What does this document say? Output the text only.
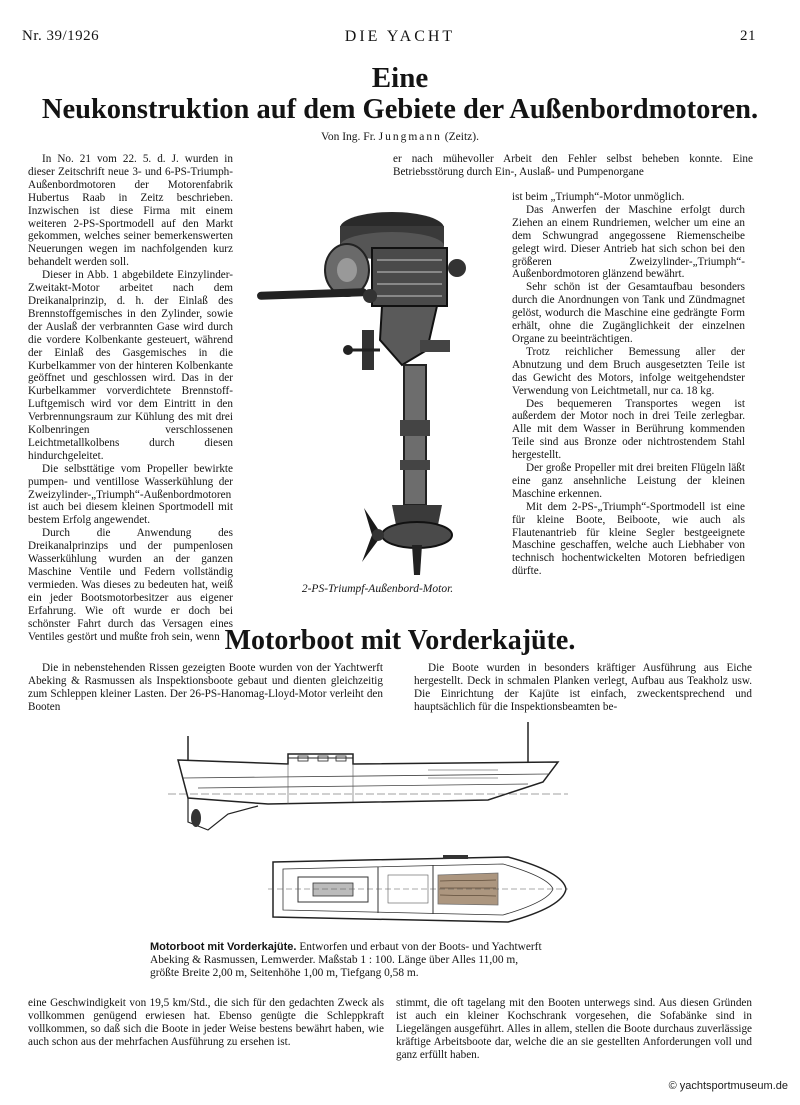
Nr. 39/1926	DIE YACHT	21
Eine
Neukonstruktion auf dem Gebiete der Außenbordmotoren.
Von Ing. Fr. Jungmann (Zeitz).

In No. 21 vom 22. 5. d. J. wurden in dieser Zeitschrift neue 3- und 6-PS-Triumph-Außenbordmotoren der Motorenfabrik Hubertus Raab in Zeitz beschrieben. Inzwischen ist diese Firma mit einem weiteren 2-PS-Sportmodell auf den Markt gekommen, welches seiner bemerkenswerten Neuerungen wegen im nachfolgenden kurz behandelt werden soll.

Dieser in Abb. 1 abgebildete Einzylinder-Zweitakt-Motor arbeitet nach dem Dreikanalprinzip, d. h. der Einlaß des Brennstoffgemisches in den Zylinder, sowie der Auslaß der verbrannten Gase wird durch die vordere Kolbenkante gesteuert, während der Einlaß des Gasgemisches in die Kurbelkammer von der hinteren Kolbenkante geöffnet und geschlossen wird. Das in der Kurbelkammer vorverdichtete Brennstoff-Luftgemisch wird vor dem Eintritt in den Verbrennungsraum zur Kühlung des mit drei Kolbenringen verschlossenen Leichtmetallkolbens durch diesen hindurchgeleitet.

Die selbsttätige vom Propeller bewirkte pumpen- und ventillose Wasserkühlung der Zweizylinder-„Triumph“-Außenbordmotoren ist auch bei diesem kleinen Sportmodell mit bestem Erfolg angewendet.

Durch die Anwendung des Dreikanalprinzips und der pumpenlosen Wasserkühlung wurden an der ganzen Maschine Ventile und Federn vollständig vermieden. Was dieses zu bedeuten hat, weiß ein jeder Bootsmotorbesitzer aus eigener Erfahrung. Wie oft wurde er doch bei schönster Fahrt durch das Versagen eines Ventiles gestört und mußte froh sein, wenn

er nach mühevoller Arbeit den Fehler selbst beheben konnte. Eine Betriebsstörung durch Ein-, Auslaß- und Pumpenorgane

ist beim „Triumph“-Motor unmöglich.

Das Anwerfen der Maschine erfolgt durch Ziehen an einem Rundriemen, welcher um eine an dem Schwungrad angegossene Riemenscheibe gelegt wird. Dieser Antrieb hat sich schon bei den größeren Zweizylinder-„Triumph“-Außenbordmotoren glänzend bewährt.

Sehr schön ist der Gesamtaufbau besonders durch die Anordnungen von Tank und Zündmagnet gelöst, wodurch die Maschine eine gedrängte Form erhält, ohne die Zugänglichkeit der einzelnen Organe zu beeinträchtigen.

Trotz reichlicher Bemessung aller der Abnutzung und dem Bruch ausgesetzten Teile ist das Gewicht des Motors, infolge weitgehendster Verwendung von Leichtmetall, nur ca. 18 kg.

Des bequemeren Transportes wegen ist außerdem der Motor noch in drei Teile zerlegbar. Alle mit dem Wasser in Berührung kommenden Teile sind aus Bronze oder nichtrostendem Stahl hergestellt.

Der große Propeller mit drei breiten Flügeln läßt eine ganz ansehnliche Leistung der kleinen Maschine erkennen.

Mit dem 2-PS-„Triumph“-Sportmodell ist eine für kleine Boote, Beiboote, wie auch als Flautenantrieb für kleine Segler bestgeeignete Maschine geschaffen, welche auch Liebhaber von technisch hochentwickelten Motoren befriedigen dürfte.

2-PS-Triumpf-Außenbord-Motor.
Motorboot mit Vorderkajüte.

Die in nebenstehenden Rissen gezeigten Boote wurden von der Yachtwerft Abeking & Rasmussen als Inspektionsboote gebaut und dienten gleichzeitig zum Schleppen kleiner Lasten. Der 26-PS-Hanomag-Lloyd-Motor verleiht den Booten

Die Boote wurden in besonders kräftiger Ausführung aus Eiche hergestellt. Deck in schmalen Planken verlegt, Aufbau aus Teakholz usw. Die Einrichtung der Kajüte ist einfach, zweckentsprechend und hauptsächlich für die Inspektionsbeamten be-

Motorboot mit Vorderkajüte. Entworfen und erbaut von der Boots- und Yachtwerft
Abeking & Rasmussen, Lemwerder. Maßstab 1 : 100. Länge über Alles 11,00 m,
größte Breite 2,00 m, Seitenhöhe 1,00 m, Tiefgang 0,58 m.

eine Geschwindigkeit von 19,5 km/Std., die sich für den gedachten Zweck als vollkommen genügend erwiesen hat. Ebenso genügte die Schleppkraft vollkommen, so daß sich die Boote in jeder Weise bestens bewährt haben, wie auch schon aus der mehrfachen Ausführung zu ersehen ist.

stimmt, die oft tagelang mit den Booten unterwegs sind. Aus diesen Gründen ist auch ein kleiner Kochschrank vorgesehen, die Sofabänke sind in Liegelängen ausgeführt. Alles in allem, stellen die Boote durchaus zuverlässige kräftige Arbeitsboote dar, welche die an sie gestellten Anforderungen voll und ganz erfüllt haben.

© yachtsportmuseum.de
